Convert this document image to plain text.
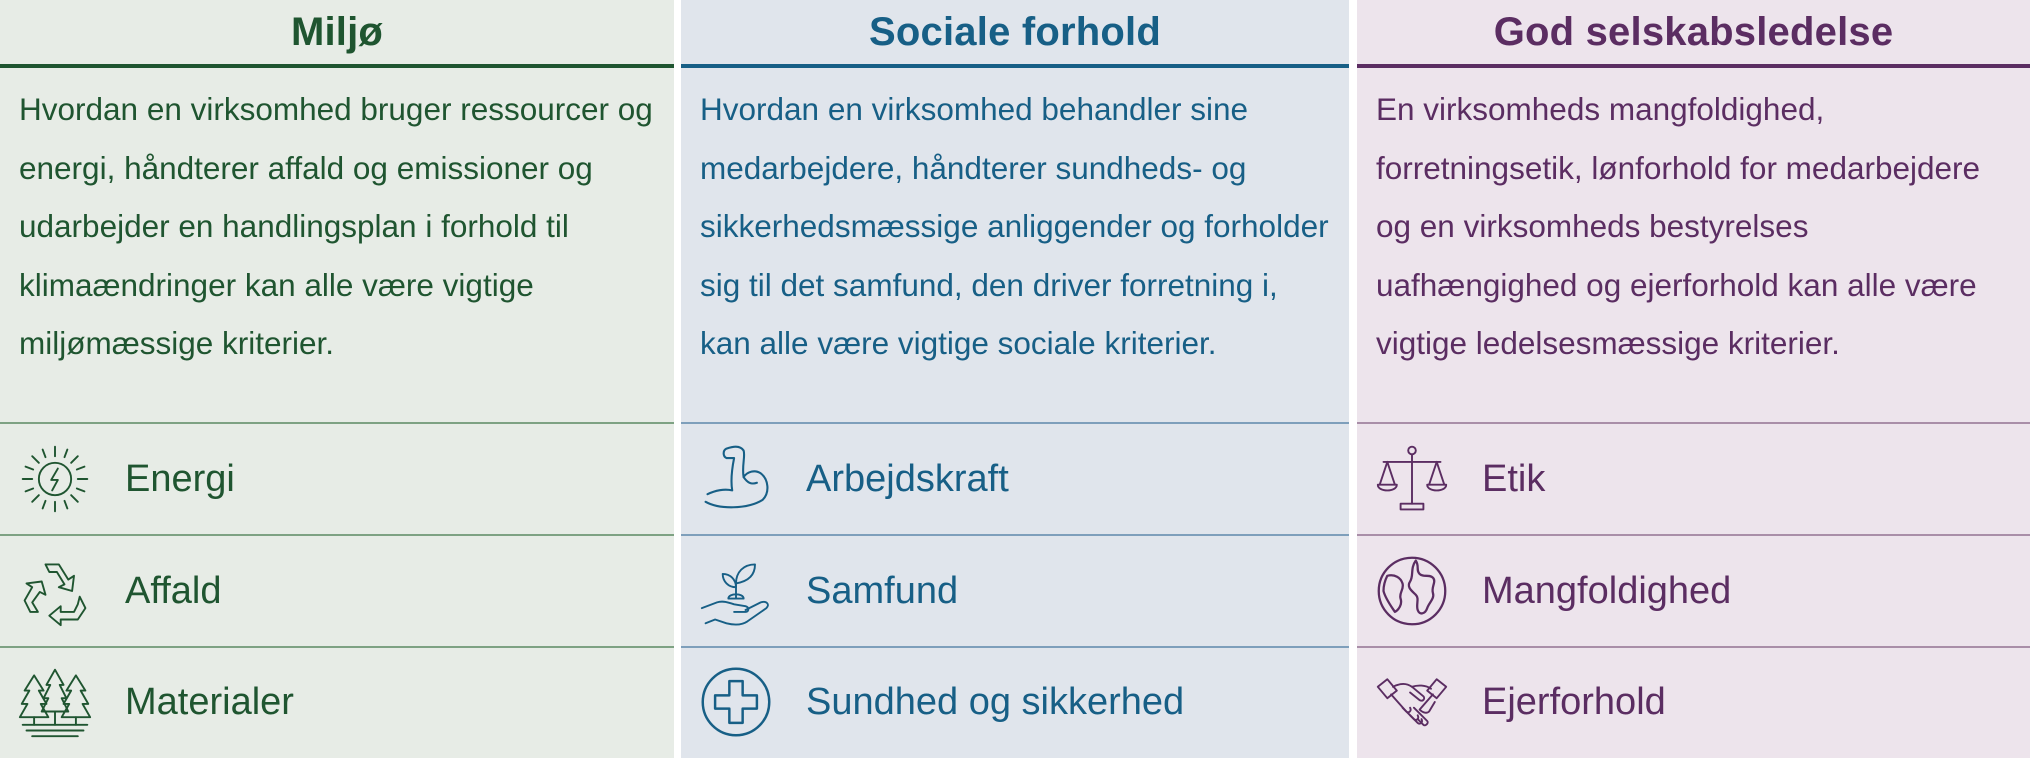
Miljø

Hvordan en virksomhed bruger ressourcer og energi, håndterer affald og emissioner og udarbejder en handlingsplan i forhold til klimaændringer kan alle være vigtige miljømæssige kriterier.

Energi
Affald
Materialer
Sociale forhold

Hvordan en virksomhed behandler sine medarbejdere, håndterer sundheds- og sikkerhedsmæssige anliggender og forholder sig til det samfund, den driver forretning i, kan alle være vigtige sociale kriterier.

Arbejdskraft
Samfund
Sundhed og sikkerhed
God selskabsledelse

En virksomheds mangfoldighed, forretningsetik, lønforhold for medarbejdere og en virksomheds bestyrelses uafhængighed og ejerforhold kan alle være vigtige ledelsesmæssige kriterier.

Etik
Mangfoldighed
Ejerforhold
